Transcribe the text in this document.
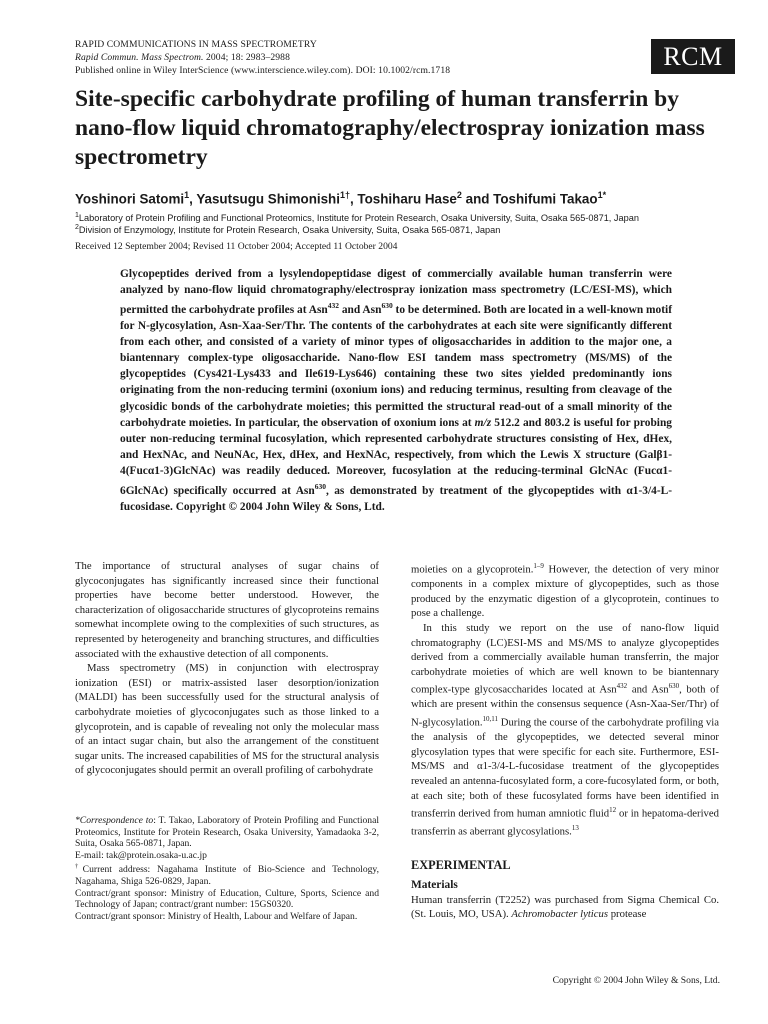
RAPID COMMUNICATIONS IN MASS SPECTROMETRY
Rapid Commun. Mass Spectrom. 2004; 18: 2983–2988
Published online in Wiley InterScience (www.interscience.wiley.com). DOI: 10.1002/rcm.1718	RCM
Site-specific carbohydrate profiling of human transferrin by nano-flow liquid chromatography/electrospray ionization mass spectrometry
Yoshinori Satomi$^1$, Yasutsugu Shimonishi$^{1\dagger}$, Toshiharu Hase$^2$ and Toshifumi Takao$^{1*}$
$^1$Laboratory of Protein Profiling and Functional Proteomics, Institute for Protein Research, Osaka University, Suita, Osaka 565-0871, Japan
$^2$Division of Enzymology, Institute for Protein Research, Osaka University, Suita, Osaka 565-0871, Japan
Received 12 September 2004; Revised 11 October 2004; Accepted 11 October 2004

Glycopeptides derived from a lysylendopeptidase digest of commercially available human transferrin were analyzed by nano-flow liquid chromatography/electrospray ionization mass spectrometry (LC/ESI-MS), which permitted the carbohydrate profiles at Asn$^{432}$ and Asn$^{630}$ to be determined. Both are located in a well-known motif for N-glycosylation, Asn-Xaa-Ser/Thr. The contents of the carbohydrates at each site were significantly different from each other, and consisted of a variety of minor types of oligosaccharides in addition to the major one, a biantennary complex-type oligosaccharide. Nano-flow ESI tandem mass spectrometry (MS/MS) of the glycopeptides (Cys421-Lys433 and Ile619-Lys646) containing these two sites yielded predominantly ions originating from the non-reducing termini (oxonium ions) and reducing terminus, resulting from cleavage of the glycosidic bonds of the carbohydrate moieties; this permitted the structural read-out of a small minority of the carbohydrate moieties. In particular, the observation of oxonium ions at m/z 512.2 and 803.2 is useful for probing outer non-reducing terminal fucosylation, which represented carbohydrate structures consisting of Hex, dHex, and HexNAc, and NeuNAc, Hex, dHex, and HexNAc, respectively, from which the Lewis X structure (Galβ1-4(Fucα1-3)GlcNAc) was readily deduced. Moreover, fucosylation at the reducing-terminal GlcNAc (Fucα1-6GlcNAc) specifically occurred at Asn$^{630}$, as demonstrated by treatment of the glycopeptides with α1-3/4-L-fucosidase. Copyright © 2004 John Wiley & Sons, Ltd.

The importance of structural analyses of sugar chains of glycoconjugates has significantly increased since their functional properties have become better understood. However, the characterization of oligosaccharide structures of glycoproteins remains somewhat incomplete owing to the complexities of such structures, as represented by heterogeneity and branching structures, and difficulties associated with the exhaustive detection of all components.

Mass spectrometry (MS) in conjunction with electrospray ionization (ESI) or matrix-assisted laser desorption/ionization (MALDI) has been successfully used for the structural analysis of carbohydrate moieties of glycoconjugates such as those linked to a glycoprotein, and is capable of revealing not only the molecular mass of an intact sugar chain, but also the arrangement of the constituent sugar units. The increased capabilities of MS for the structural analysis of glycoconjugates should permit an overall profiling of carbohydrate

*Correspondence to: T. Takao, Laboratory of Protein Profiling and Functional Proteomics, Institute for Protein Research, Osaka University, Yamadaoka 3-2, Suita, Osaka 565-0871, Japan.

E-mail: tak@protein.osaka-u.ac.jp

†Current address: Nagahama Institute of Bio-Science and Technology, Nagahama, Shiga 526-0829, Japan.

Contract/grant sponsor: Ministry of Education, Culture, Sports, Science and Technology of Japan; contract/grant number: 15GS0320.

Contract/grant sponsor: Ministry of Health, Labour and Welfare of Japan.

moieties on a glycoprotein.$^{1-9}$ However, the detection of very minor components in a complex mixture of glycopeptides, such as those produced by the enzymatic digestion of a glycoprotein, continues to pose a challenge.

In this study we report on the use of nano-flow liquid chromatography (LC)ESI-MS and MS/MS to analyze glycopeptides derived from a commercially available human transferrin, the major carbohydrate moieties of which are well known to be biantennary complex-type glycosaccharides located at Asn$^{432}$ and Asn$^{630}$, both of which are present within the consensus sequence (Asn-Xaa-Ser/Thr) of N-glycosylation.$^{10,11}$ During the course of the carbohydrate profiling via the analysis of the glycopeptides, we detected several minor glycosylation types that were specific for each site. Furthermore, ESI-MS/MS and α1-3/4-L-fucosidase treatment of the glycopeptides revealed an antenna-fucosylated form, a core-fucosylated form, or both, at each site; both of these fucosylated forms have been identified in transferrin derived from human amniotic fluid$^{12}$ or in hepatoma-derived transferrin as aberrant glycosylations.$^{13}$

EXPERIMENTAL
Materials

Human transferrin (T2252) was purchased from Sigma Chemical Co. (St. Louis, MO, USA). Achromobacter lyticus protease

Copyright © 2004 John Wiley & Sons, Ltd.
